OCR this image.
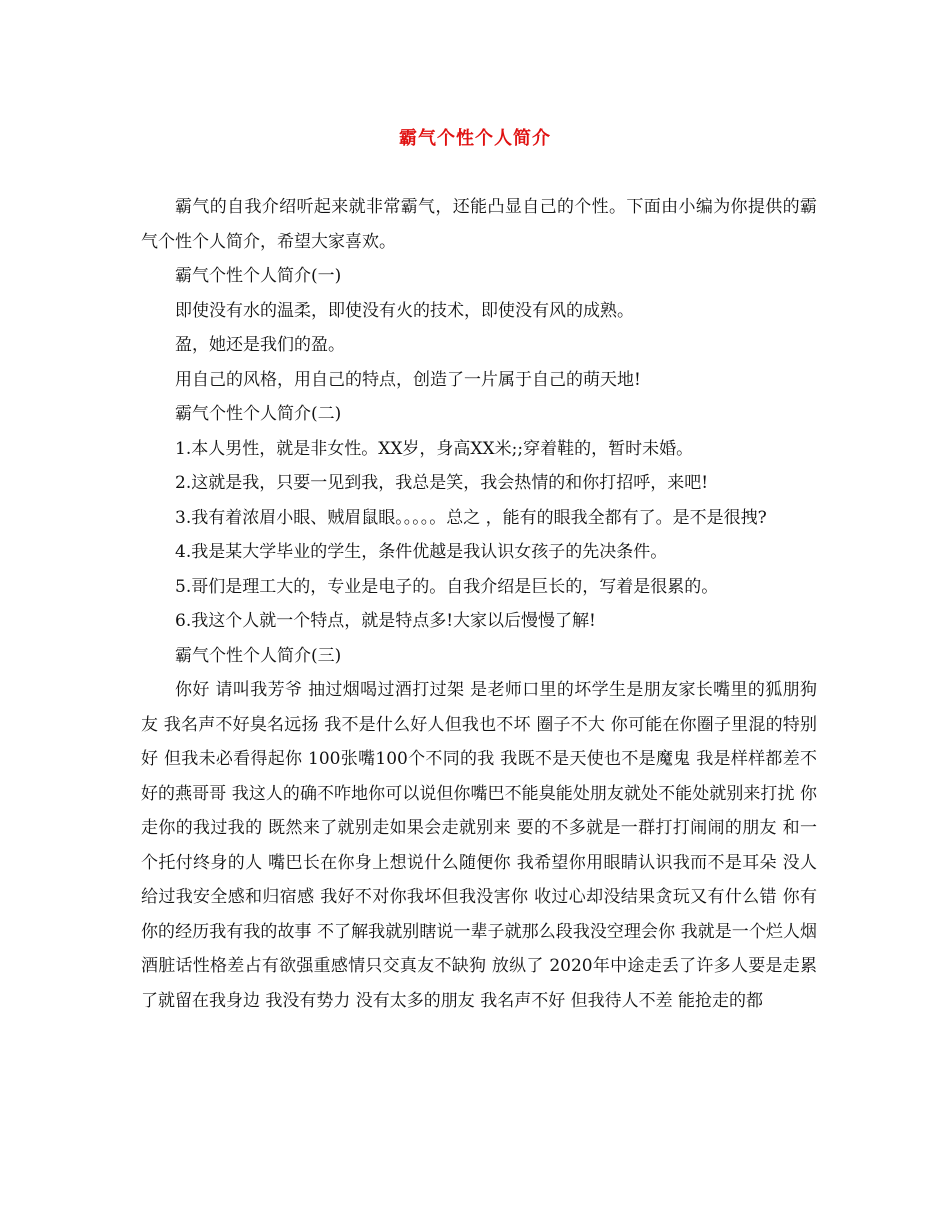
霸气个性个人简介

霸气的自我介绍听起来就非常霸气，还能凸显自己的个性。下面由小编为你提供的霸气个性个人简介，希望大家喜欢。

霸气个性个人简介(一)

即使没有水的温柔，即使没有火的技术，即使没有风的成熟。

盈，她还是我们的盈。

用自己的风格，用自己的特点，创造了一片属于自己的萌天地!

霸气个性个人简介(二)

1.本人男性，就是非女性。XX岁，身高XX米;;穿着鞋的，暂时未婚。

2.这就是我，只要一见到我，我总是笑，我会热情的和你打招呼，来吧!

3.我有着浓眉小眼、贼眉鼠眼。。。。。总之 ，能有的眼我全都有了。是不是很拽?

4.我是某大学毕业的学生，条件优越是我认识女孩子的先决条件。

5.哥们是理工大的，专业是电子的。自我介绍是巨长的，写着是很累的。

6.我这个人就一个特点，就是特点多!大家以后慢慢了解!

霸气个性个人简介(三)

你好 请叫我芳爷 抽过烟喝过酒打过架 是老师口里的坏学生是朋友家长嘴里的狐朋狗友 我名声不好臭名远扬 我不是什么好人但我也不坏 圈子不大 你可能在你圈子里混的特别好 但我未必看得起你 100张嘴100个不同的我 我既不是天使也不是魔鬼 我是样样都差不好的燕哥哥 我这人的确不咋地你可以说但你嘴巴不能臭能处朋友就处不能处就别来打扰 你走你的我过我的 既然来了就别走如果会走就别来 要的不多就是一群打打闹闹的朋友 和一个托付终身的人 嘴巴长在你身上想说什么随便你 我希望你用眼睛认识我而不是耳朵 没人给过我安全感和归宿感 我好不对你我坏但我没害你 收过心却没结果贪玩又有什么错 你有你的经历我有我的故事 不了解我就别瞎说一辈子就那么段我没空理会你 我就是一个烂人烟酒脏话性格差占有欲强重感情只交真友不缺狗 放纵了 2020年中途走丢了许多人要是走累了就留在我身边 我没有势力 没有太多的朋友 我名声不好 但我待人不差 能抢走的都
